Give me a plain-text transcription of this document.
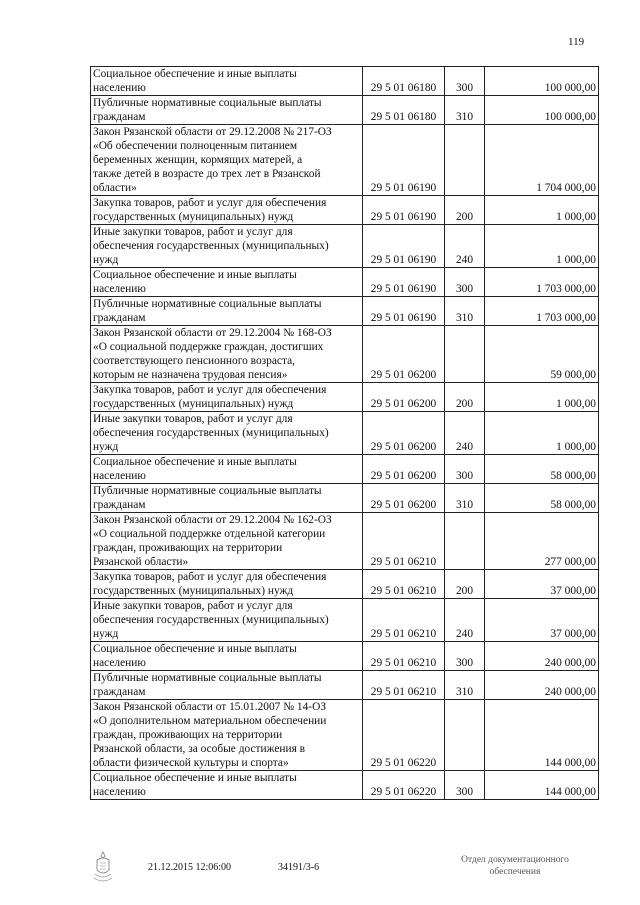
119
Социальное обеспечение и иные выплаты
населению	29 5 01 06180	300	100 000,00
Публичные нормативные социальные выплаты
гражданам	29 5 01 06180	310	100 000,00
Закон Рязанской области от 29.12.2008 № 217-ОЗ
«Об обеспечении полноценным питанием
беременных женщин, кормящих матерей, а
также детей в возрасте до трех лет в Рязанской
области»	29 5 01 06190		1 704 000,00
Закупка товаров, работ и услуг для обеспечения
государственных (муниципальных) нужд	29 5 01 06190	200	1 000,00
Иные закупки товаров, работ и услуг для
обеспечения государственных (муниципальных)
нужд	29 5 01 06190	240	1 000,00
Социальное обеспечение и иные выплаты
населению	29 5 01 06190	300	1 703 000,00
Публичные нормативные социальные выплаты
гражданам	29 5 01 06190	310	1 703 000,00
Закон Рязанской области от 29.12.2004 № 168-ОЗ
«О социальной поддержке граждан, достигших
соответствующего пенсионного возраста,
которым не назначена трудовая пенсия»	29 5 01 06200		59 000,00
Закупка товаров, работ и услуг для обеспечения
государственных (муниципальных) нужд	29 5 01 06200	200	1 000,00
Иные закупки товаров, работ и услуг для
обеспечения государственных (муниципальных)
нужд	29 5 01 06200	240	1 000,00
Социальное обеспечение и иные выплаты
населению	29 5 01 06200	300	58 000,00
Публичные нормативные социальные выплаты
гражданам	29 5 01 06200	310	58 000,00
Закон Рязанской области от 29.12.2004 № 162-ОЗ
«О социальной поддержке отдельной категории
граждан, проживающих на территории
Рязанской области»	29 5 01 06210		277 000,00
Закупка товаров, работ и услуг для обеспечения
государственных (муниципальных) нужд	29 5 01 06210	200	37 000,00
Иные закупки товаров, работ и услуг для
обеспечения государственных (муниципальных)
нужд	29 5 01 06210	240	37 000,00
Социальное обеспечение и иные выплаты
населению	29 5 01 06210	300	240 000,00
Публичные нормативные социальные выплаты
гражданам	29 5 01 06210	310	240 000,00
Закон Рязанской области от 15.01.2007 № 14-ОЗ
«О дополнительном материальном обеспечении
граждан, проживающих на территории
Рязанской области, за особые достижения в
области физической культуры и спорта»	29 5 01 06220		144 000,00
Социальное обеспечение и иные выплаты
населению	29 5 01 06220	300	144 000,00
21.12.2015 12:06:00	34191/3-6
Отдел документационного
обеспечения
